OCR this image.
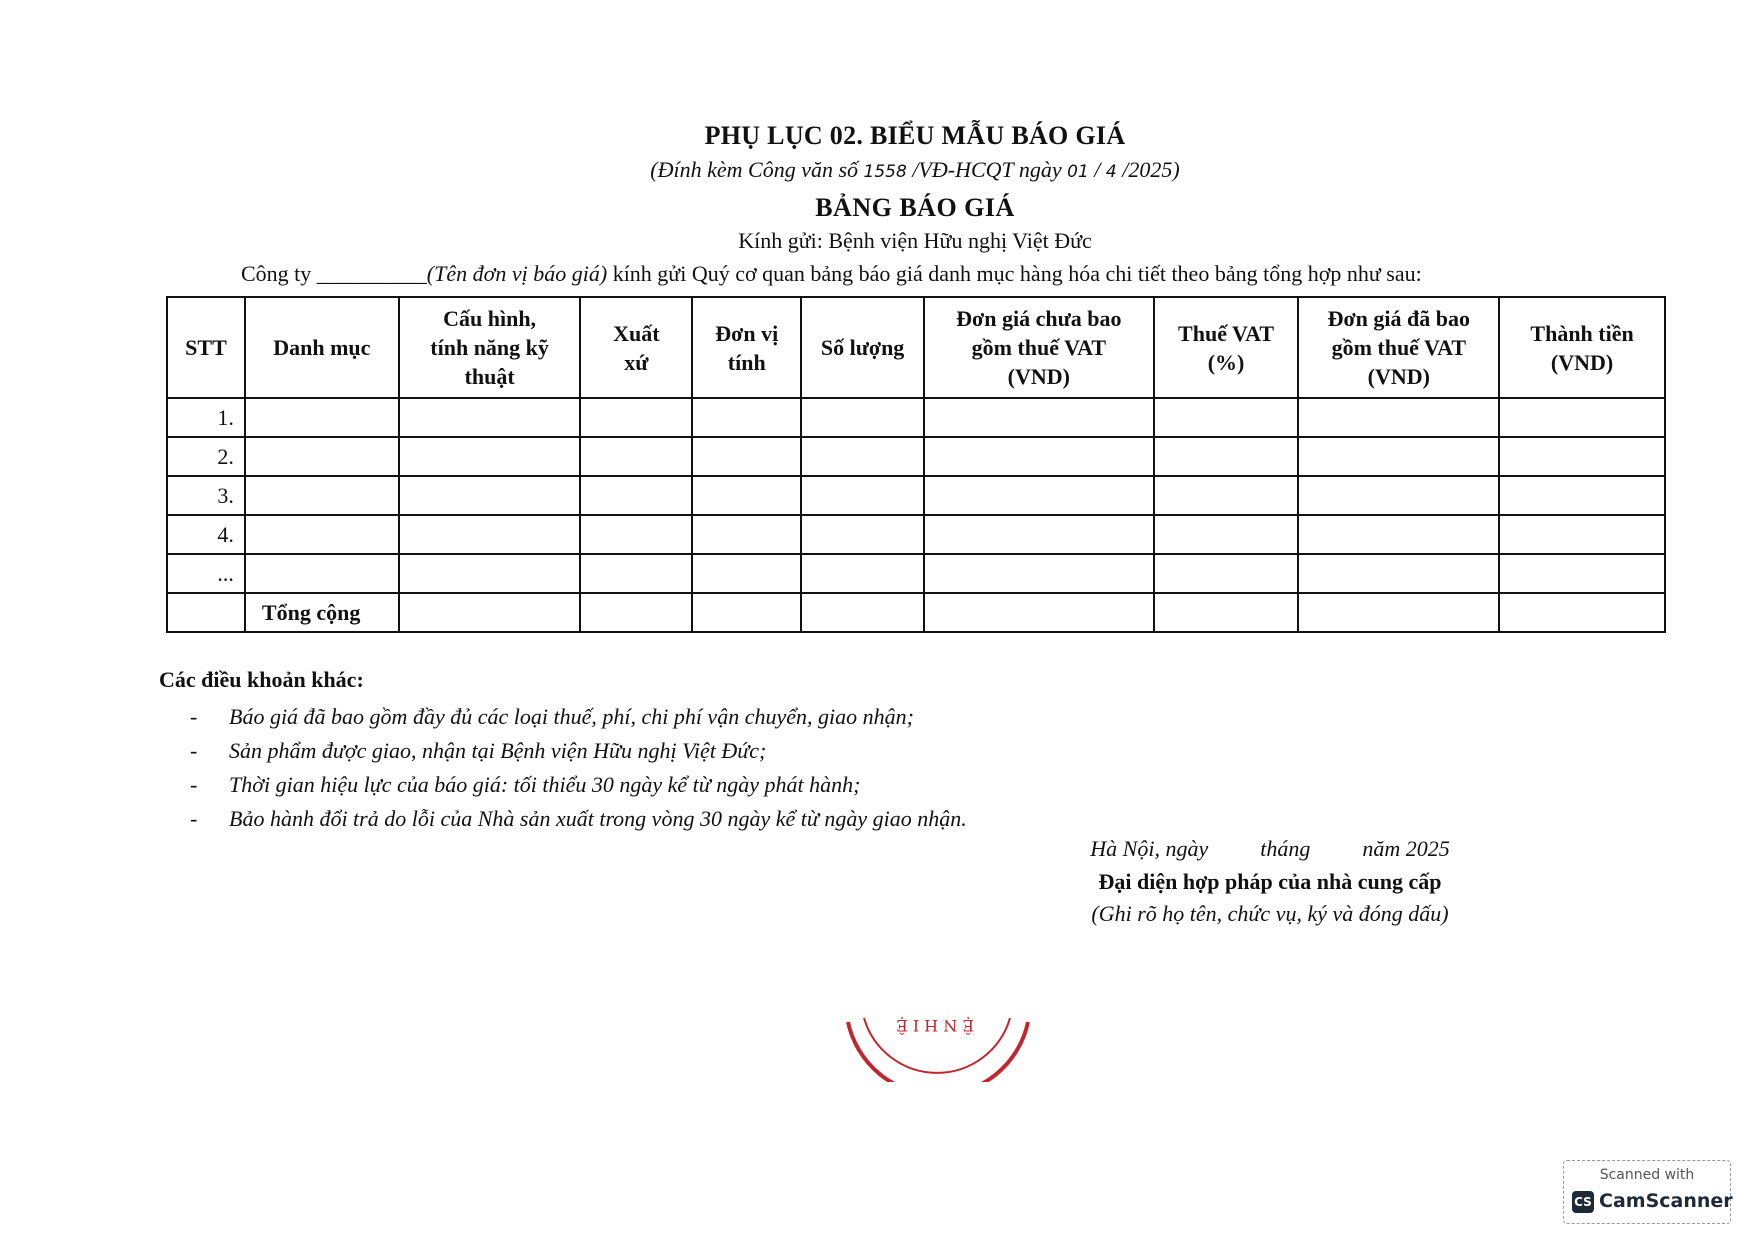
PHỤ LỤC 02. BIỂU MẪU BÁO GIÁ
(Đính kèm Công văn số 1558 /VĐ-HCQT ngày 01 / 4 /2025)
BẢNG BÁO GIÁ
Kính gửi: Bệnh viện Hữu nghị Việt Đức
Công ty __________(Tên đơn vị báo giá) kính gửi Quý cơ quan bảng báo giá danh mục hàng hóa chi tiết theo bảng tổng hợp như sau:
STT	Danh mục	Cấu hình,
tính năng kỹ
thuật	Xuất
xứ	Đơn vị
tính	Số lượng	Đơn giá chưa bao
gồm thuế VAT
(VND)	Thuế VAT
(%)	Đơn giá đã bao
gồm thuế VAT
(VND)	Thành tiền
(VND)
1.									
2.									
3.									
4.									
...									
	Tổng cộng								
Các điều khoản khác:
- Báo giá đã bao gồm đầy đủ các loại thuế, phí, chi phí vận chuyển, giao nhận;
- Sản phẩm được giao, nhận tại Bệnh viện Hữu nghị Việt Đức;
- Thời gian hiệu lực của báo giá: tối thiểu 30 ngày kể từ ngày phát hành;
- Bảo hành đổi trả do lỗi của Nhà sản xuất trong vòng 30 ngày kể từ ngày giao nhận.
Hà Nội, ngày tháng năm 2025
Đại diện hợp pháp của nhà cung cấp
(Ghi rõ họ tên, chức vụ, ký và đóng dấu)
Ệ N H I Ệ
Scanned with
CS CamScanner
